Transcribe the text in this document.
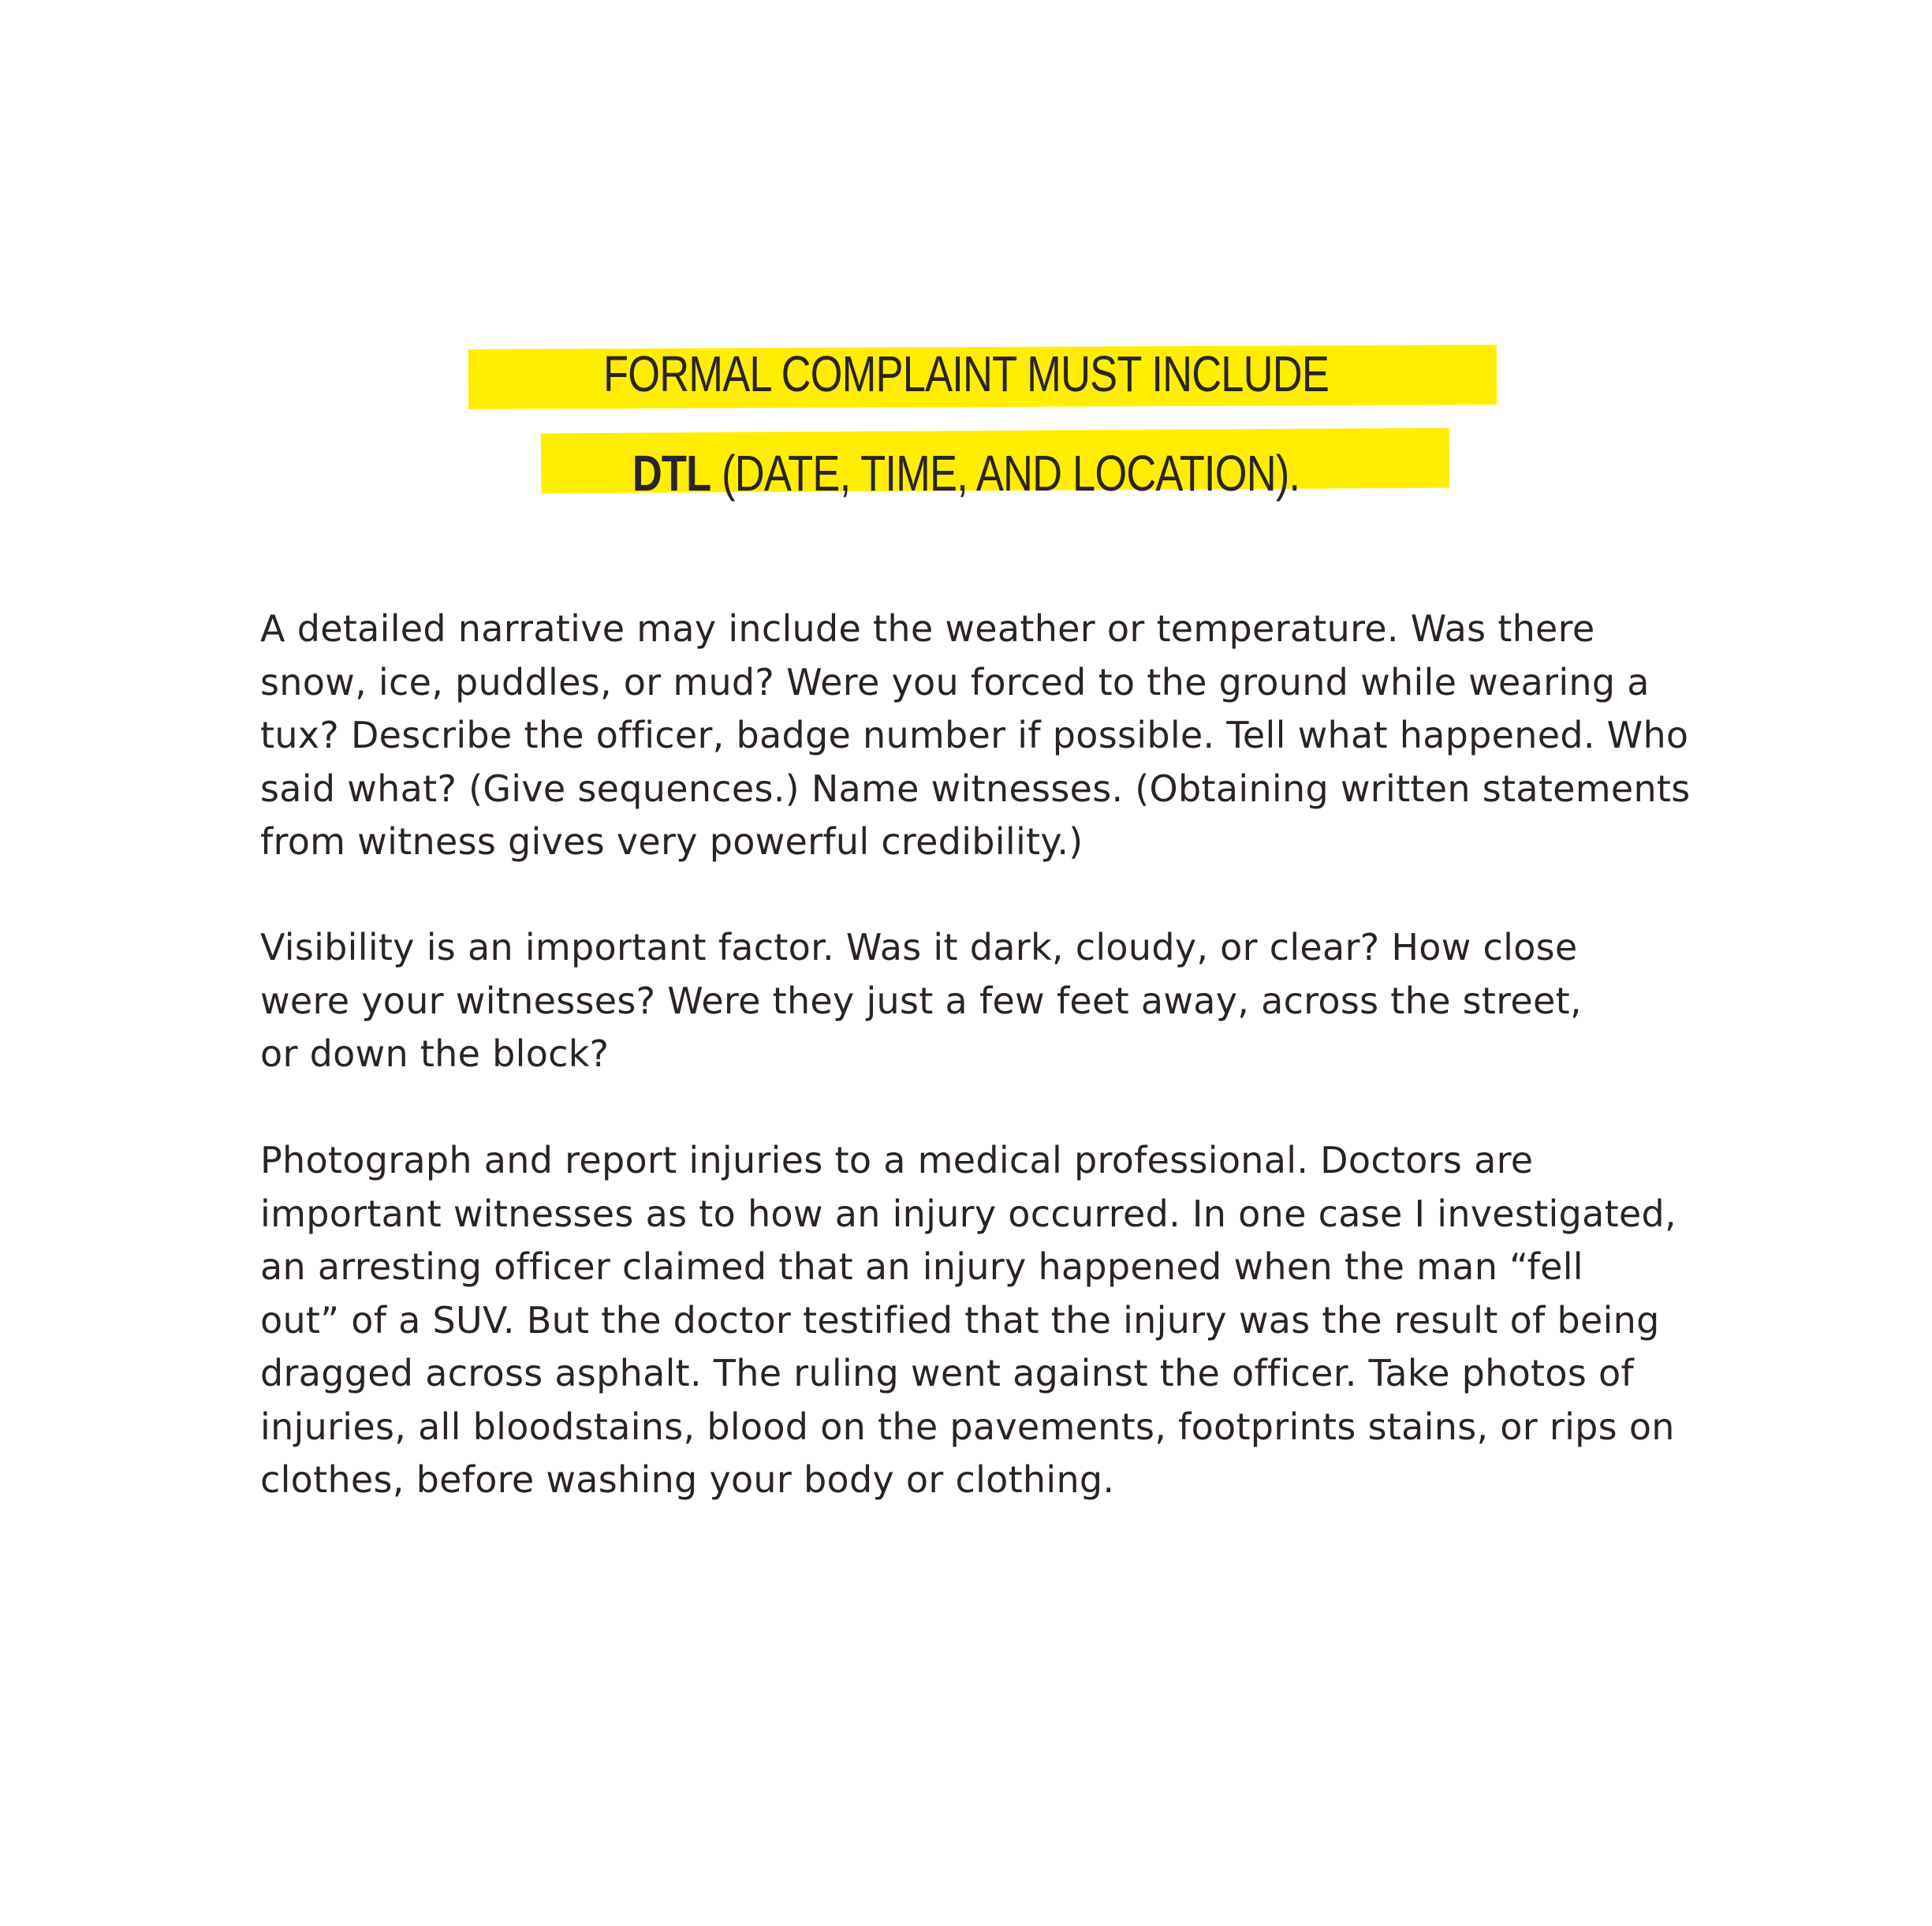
FORMAL COMPLAINT MUST INCLUDE
DTL (DATE, TIME, AND LOCATION).

A detailed narrative may include the weather or temperature. Was there
snow, ice, puddles, or mud? Were you forced to the ground while wearing a
tux? Describe the officer, badge number if possible. Tell what happened. Who
said what? (Give sequences.) Name witnesses. (Obtaining written statements
from witness gives very powerful credibility.)

Visibility is an important factor. Was it dark, cloudy, or clear? How close
were your witnesses? Were they just a few feet away, across the street,
or down the block?

Photograph and report injuries to a medical professional. Doctors are
important witnesses as to how an injury occurred. In one case I investigated,
an arresting officer claimed that an injury happened when the man “fell
out” of a SUV. But the doctor testified that the injury was the result of being
dragged across asphalt. The ruling went against the officer. Take photos of
injuries, all bloodstains, blood on the pavements, footprints stains, or rips on
clothes, before washing your body or clothing.
